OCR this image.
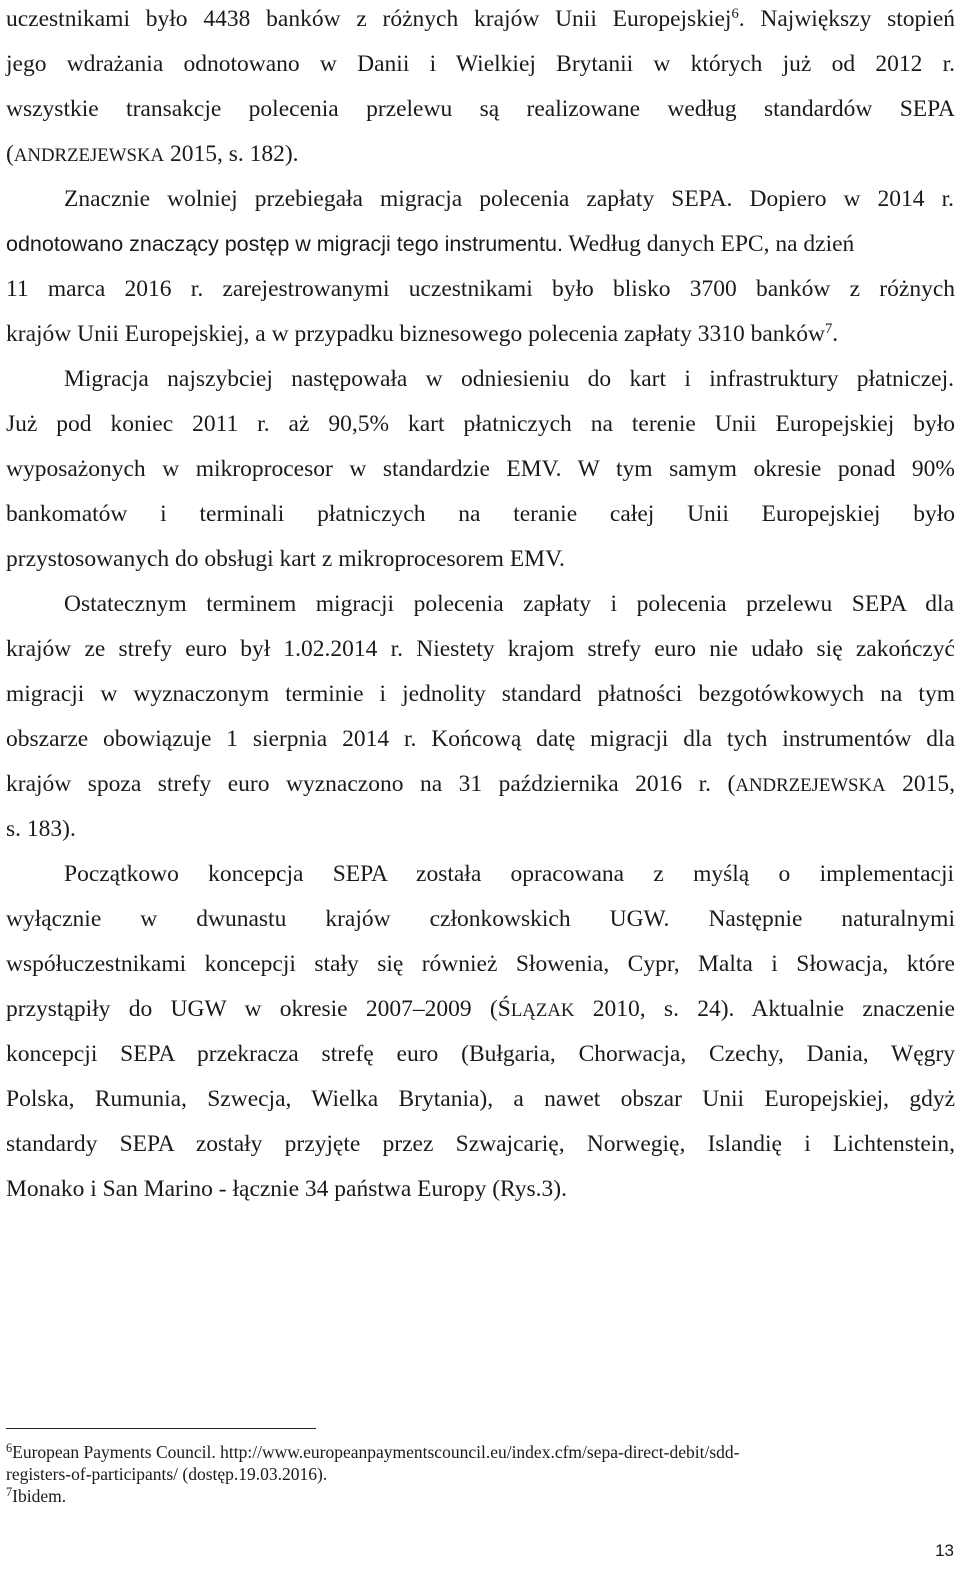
uczestnikami było 4438 banków z różnych krajów Unii Europejskiej$^6$. Największy stopień
jego wdrażania odnotowano w Danii i Wielkiej Brytanii w których już od 2012 r.
wszystkie transakcje polecenia przelewu są realizowane według standardów SEPA
(ANDRZEJEWSKA 2015, s. 182).
Znacznie wolniej przebiegała migracja polecenia zapłaty SEPA. Dopiero w 2014 r.
odnotowano znaczący postęp w migracji tego instrumentu. Według danych EPC, na dzień
11 marca 2016 r. zarejestrowanymi uczestnikami było blisko 3700 banków z różnych
krajów Unii Europejskiej, a w przypadku biznesowego polecenia zapłaty 3310 banków$^7$.
Migracja najszybciej następowała w odniesieniu do kart i infrastruktury płatniczej.
Już pod koniec 2011 r. aż 90,5% kart płatniczych na terenie Unii Europejskiej było
wyposażonych w mikroprocesor w standardzie EMV. W tym samym okresie ponad 90%
bankomatów i terminali płatniczych na teranie całej Unii Europejskiej było
przystosowanych do obsługi kart z mikroprocesorem EMV.
Ostatecznym terminem migracji polecenia zapłaty i polecenia przelewu SEPA dla
krajów ze strefy euro był 1.02.2014 r. Niestety krajom strefy euro nie udało się zakończyć
migracji w wyznaczonym terminie i jednolity standard płatności bezgotówkowych na tym
obszarze obowiązuje 1 sierpnia 2014 r. Końcową datę migracji dla tych instrumentów dla
krajów spoza strefy euro wyznaczono na 31 października 2016 r. (ANDRZEJEWSKA 2015,
s. 183).
Początkowo koncepcja SEPA została opracowana z myślą o implementacji
wyłącznie w dwunastu krajów członkowskich UGW. Następnie naturalnymi
współuczestnikami koncepcji stały się również Słowenia, Cypr, Malta i Słowacja, które
przystąpiły do UGW w okresie 2007–2009 (ŚLĄZAK 2010, s. 24). Aktualnie znaczenie
koncepcji SEPA przekracza strefę euro (Bułgaria, Chorwacja, Czechy, Dania, Węgry
Polska, Rumunia, Szwecja, Wielka Brytania), a nawet obszar Unii Europejskiej, gdyż
standardy SEPA zostały przyjęte przez Szwajcarię, Norwegię, Islandię i Lichtenstein,
Monako i San Marino - łącznie 34 państwa Europy (Rys.3).
$^6$European Payments Council. http://www.europeanpaymentscouncil.eu/index.cfm/sepa-direct-debit/sdd-
registers-of-participants/ (dostęp.19.03.2016).
$^7$Ibidem.
13
